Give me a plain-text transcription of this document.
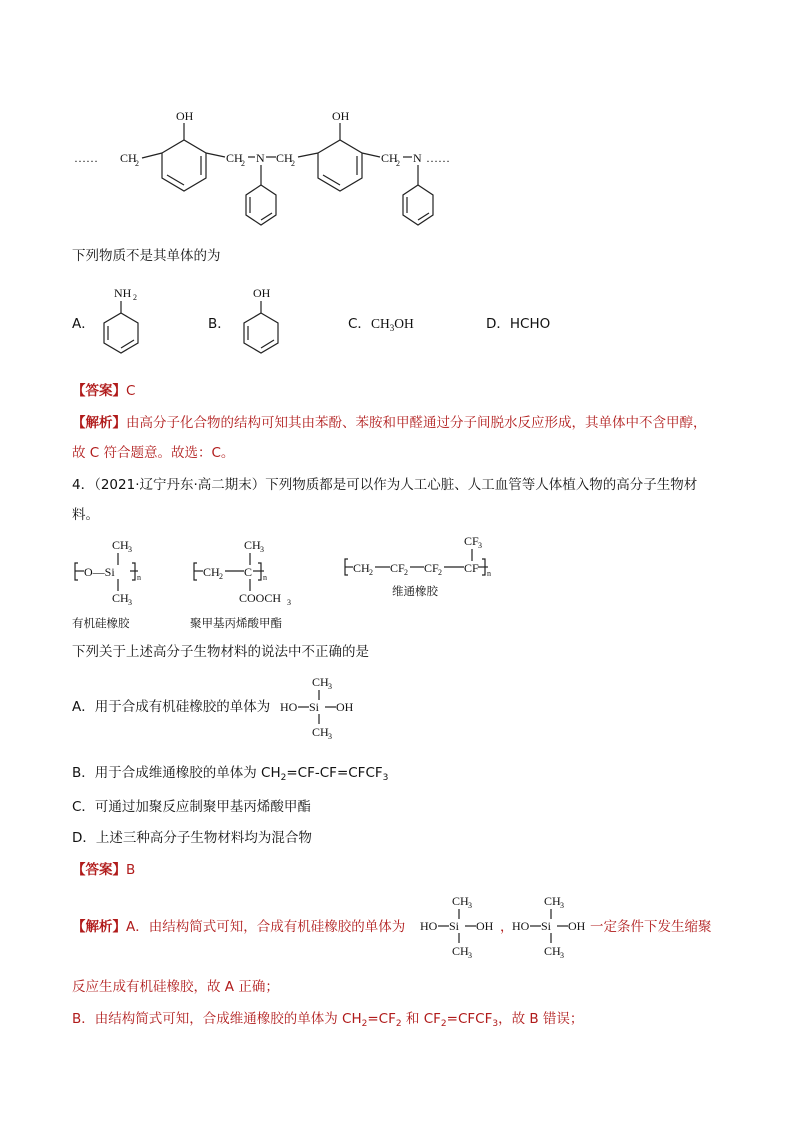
…… CH
2
OH
CH
2 N CH
2
OH
CH
2 N ……
下列物质不是其单体的为
A．
NH 2
B．
OH
C．$CH_3OH$	D．HCHO
【答案】C
【解析】由高分子化合物的结构可知其由苯酚、苯胺和甲醛通过分子间脱水反应形成，其单体中不含甲醇，
故 C 符合题意。故选：C。
4．（2021·辽宁丹东·高二期末）下列物质都是可以作为人工心脏、人工血管等人体植入物的高分子生物材
料。
CH 3
O—Si	n
CH 3
CH 3
CH 2 C n
COOCH 3
CF 3
CH 2 CF 2 CF 2 CF n
有机硅橡胶	聚甲基丙烯酸甲酯
维通橡胶
下列关于上述高分子生物材料的说法中不正确的是
A．用于合成有机硅橡胶的单体为
CH 3
HO Si OH
CH 3
B．用于合成维通橡胶的单体为 $CH_2=CF-CF=CFCF_3$
C．可通过加聚反应制聚甲基丙烯酸甲酯
D．上述三种高分子生物材料均为混合物
【答案】B
【解析】A．由结构简式可知，合成有机硅橡胶的单体为
CH 3
HO Si OH
CH 3
，
CH 3
HO Si OH
CH 3
一定条件下发生缩聚
反应生成有机硅橡胶，故 A 正确；
B．由结构简式可知，合成维通橡胶的单体为 $CH_2=CF_2$ 和 $CF_2=CFCF_3$，故 B 错误；
